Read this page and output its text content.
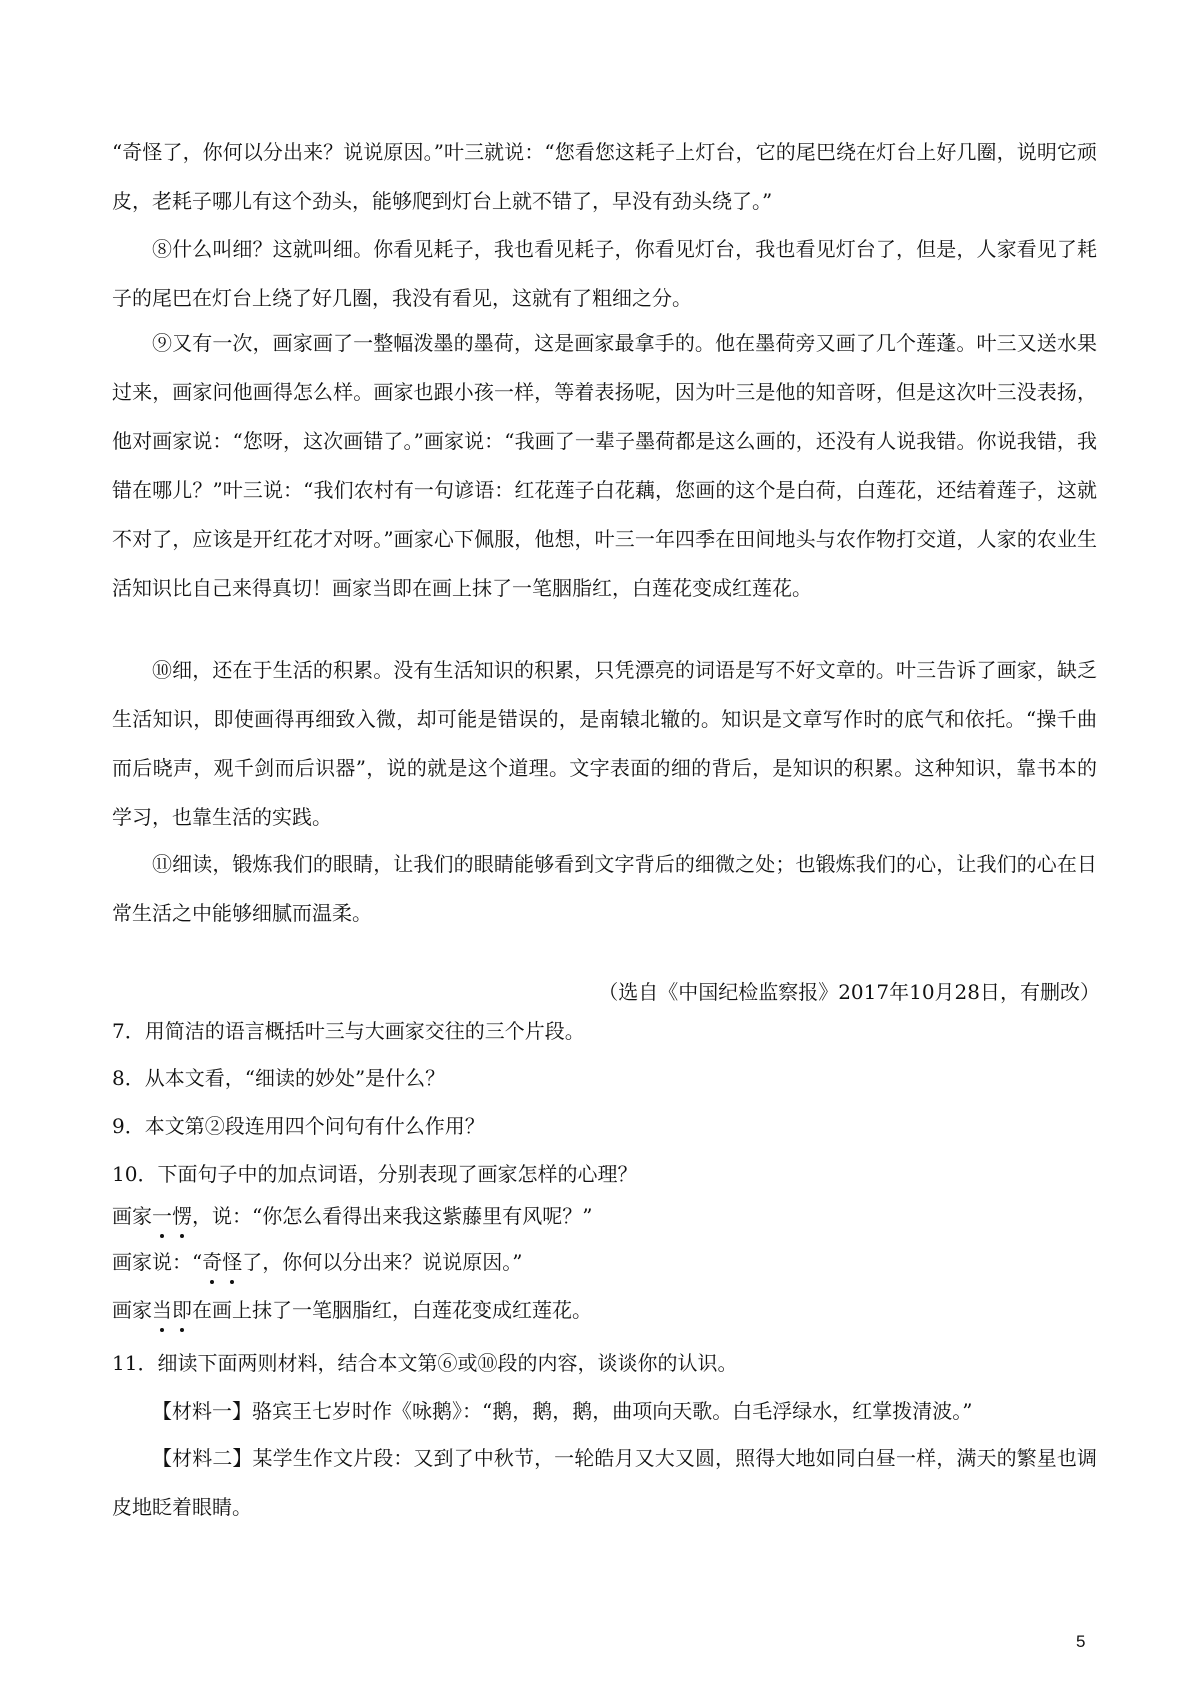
“奇怪了，你何以分出来？说说原因。”叶三就说：“您看您这耗子上灯台，它的尾巴绕在灯台上好几圈，说明它顽皮，老耗子哪儿有这个劲头，能够爬到灯台上就不错了，早没有劲头绕了。”

⑧什么叫细？这就叫细。你看见耗子，我也看见耗子，你看见灯台，我也看见灯台了，但是，人家看见了耗子的尾巴在灯台上绕了好几圈，我没有看见，这就有了粗细之分。

⑨又有一次，画家画了一整幅泼墨的墨荷，这是画家最拿手的。他在墨荷旁又画了几个莲蓬。叶三又送水果过来，画家问他画得怎么样。画家也跟小孩一样，等着表扬呢，因为叶三是他的知音呀，但是这次叶三没表扬，他对画家说：“您呀，这次画错了。”画家说：“我画了一辈子墨荷都是这么画的，还没有人说我错。你说我错，我错在哪儿？”叶三说：“我们农村有一句谚语：红花莲子白花藕，您画的这个是白荷，白莲花，还结着莲子，这就不对了，应该是开红花才对呀。”画家心下佩服，他想，叶三一年四季在田间地头与农作物打交道，人家的农业生活知识比自己来得真切！画家当即在画上抹了一笔胭脂红，白莲花变成红莲花。

⑩细，还在于生活的积累。没有生活知识的积累，只凭漂亮的词语是写不好文章的。叶三告诉了画家，缺乏生活知识，即使画得再细致入微，却可能是错误的，是南辕北辙的。知识是文章写作时的底气和依托。“操千曲而后晓声，观千剑而后识器”，说的就是这个道理。文字表面的细的背后，是知识的积累。这种知识，靠书本的学习，也靠生活的实践。

⑪细读，锻炼我们的眼睛，让我们的眼睛能够看到文字背后的细微之处；也锻炼我们的心，让我们的心在日常生活之中能够细腻而温柔。

（选自《中国纪检监察报》2017年10月28日，有删改）

7．用简洁的语言概括叶三与大画家交往的三个片段。

8．从本文看，“细读的妙处”是什么？

9．本文第②段连用四个问句有什么作用？

10．下面句子中的加点词语，分别表现了画家怎样的心理？

画家一愣，说：“你怎么看得出来我这紫藤里有风呢？”

画家说：“奇怪了，你何以分出来？说说原因。”

画家当即在画上抹了一笔胭脂红，白莲花变成红莲花。

11．细读下面两则材料，结合本文第⑥或⑩段的内容，谈谈你的认识。

【材料一】骆宾王七岁时作《咏鹅》：“鹅，鹅，鹅，曲项向天歌。白毛浮绿水，红掌拨清波。”

【材料二】某学生作文片段：又到了中秋节，一轮皓月又大又圆，照得大地如同白昼一样，满天的繁星也调皮地眨着眼睛。

5
